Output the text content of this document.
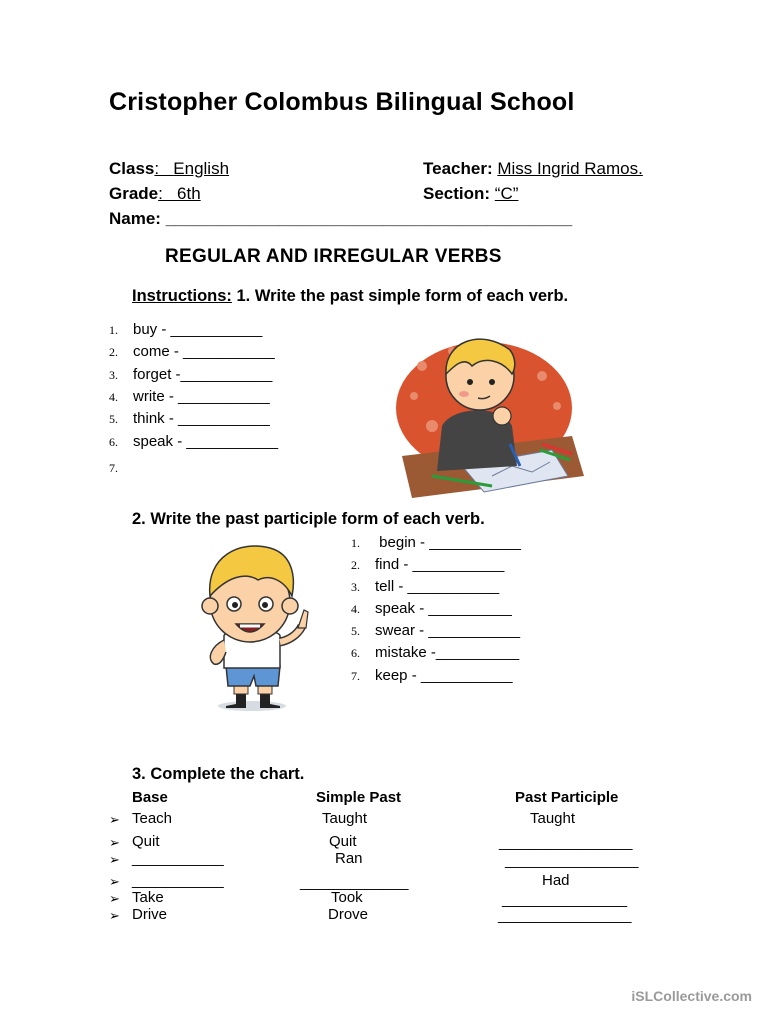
Cristopher Colombus Bilingual School
Class:   English
Grade:   6th
Name: ___________________________________________
Teacher: Miss Ingrid Ramos.
Section: “C”
REGULAR AND IRREGULAR VERBS
Instructions: 1. Write the past simple form of each verb.
1. buy - ___________
2. come - ___________
3. forget -___________
4. write - ___________
5. think - ___________
6. speak - ___________
7.
2. Write the past participle form of each verb.
1. begin - ___________
2. find - ___________
3. tell - ___________
4. speak - __________
5. swear - ___________
6. mistake -__________
7. keep - ___________
3. Complete the chart.
Base	Simple Past	Past Participle
➢ Teach	Taught	Taught
➢ Quit	Quit	________________
➢ ___________	Ran	________________
➢ ___________	_____________	Had
➢ Take	Took	_______________
➢ Drive	Drove	________________
iSLCollective.com
